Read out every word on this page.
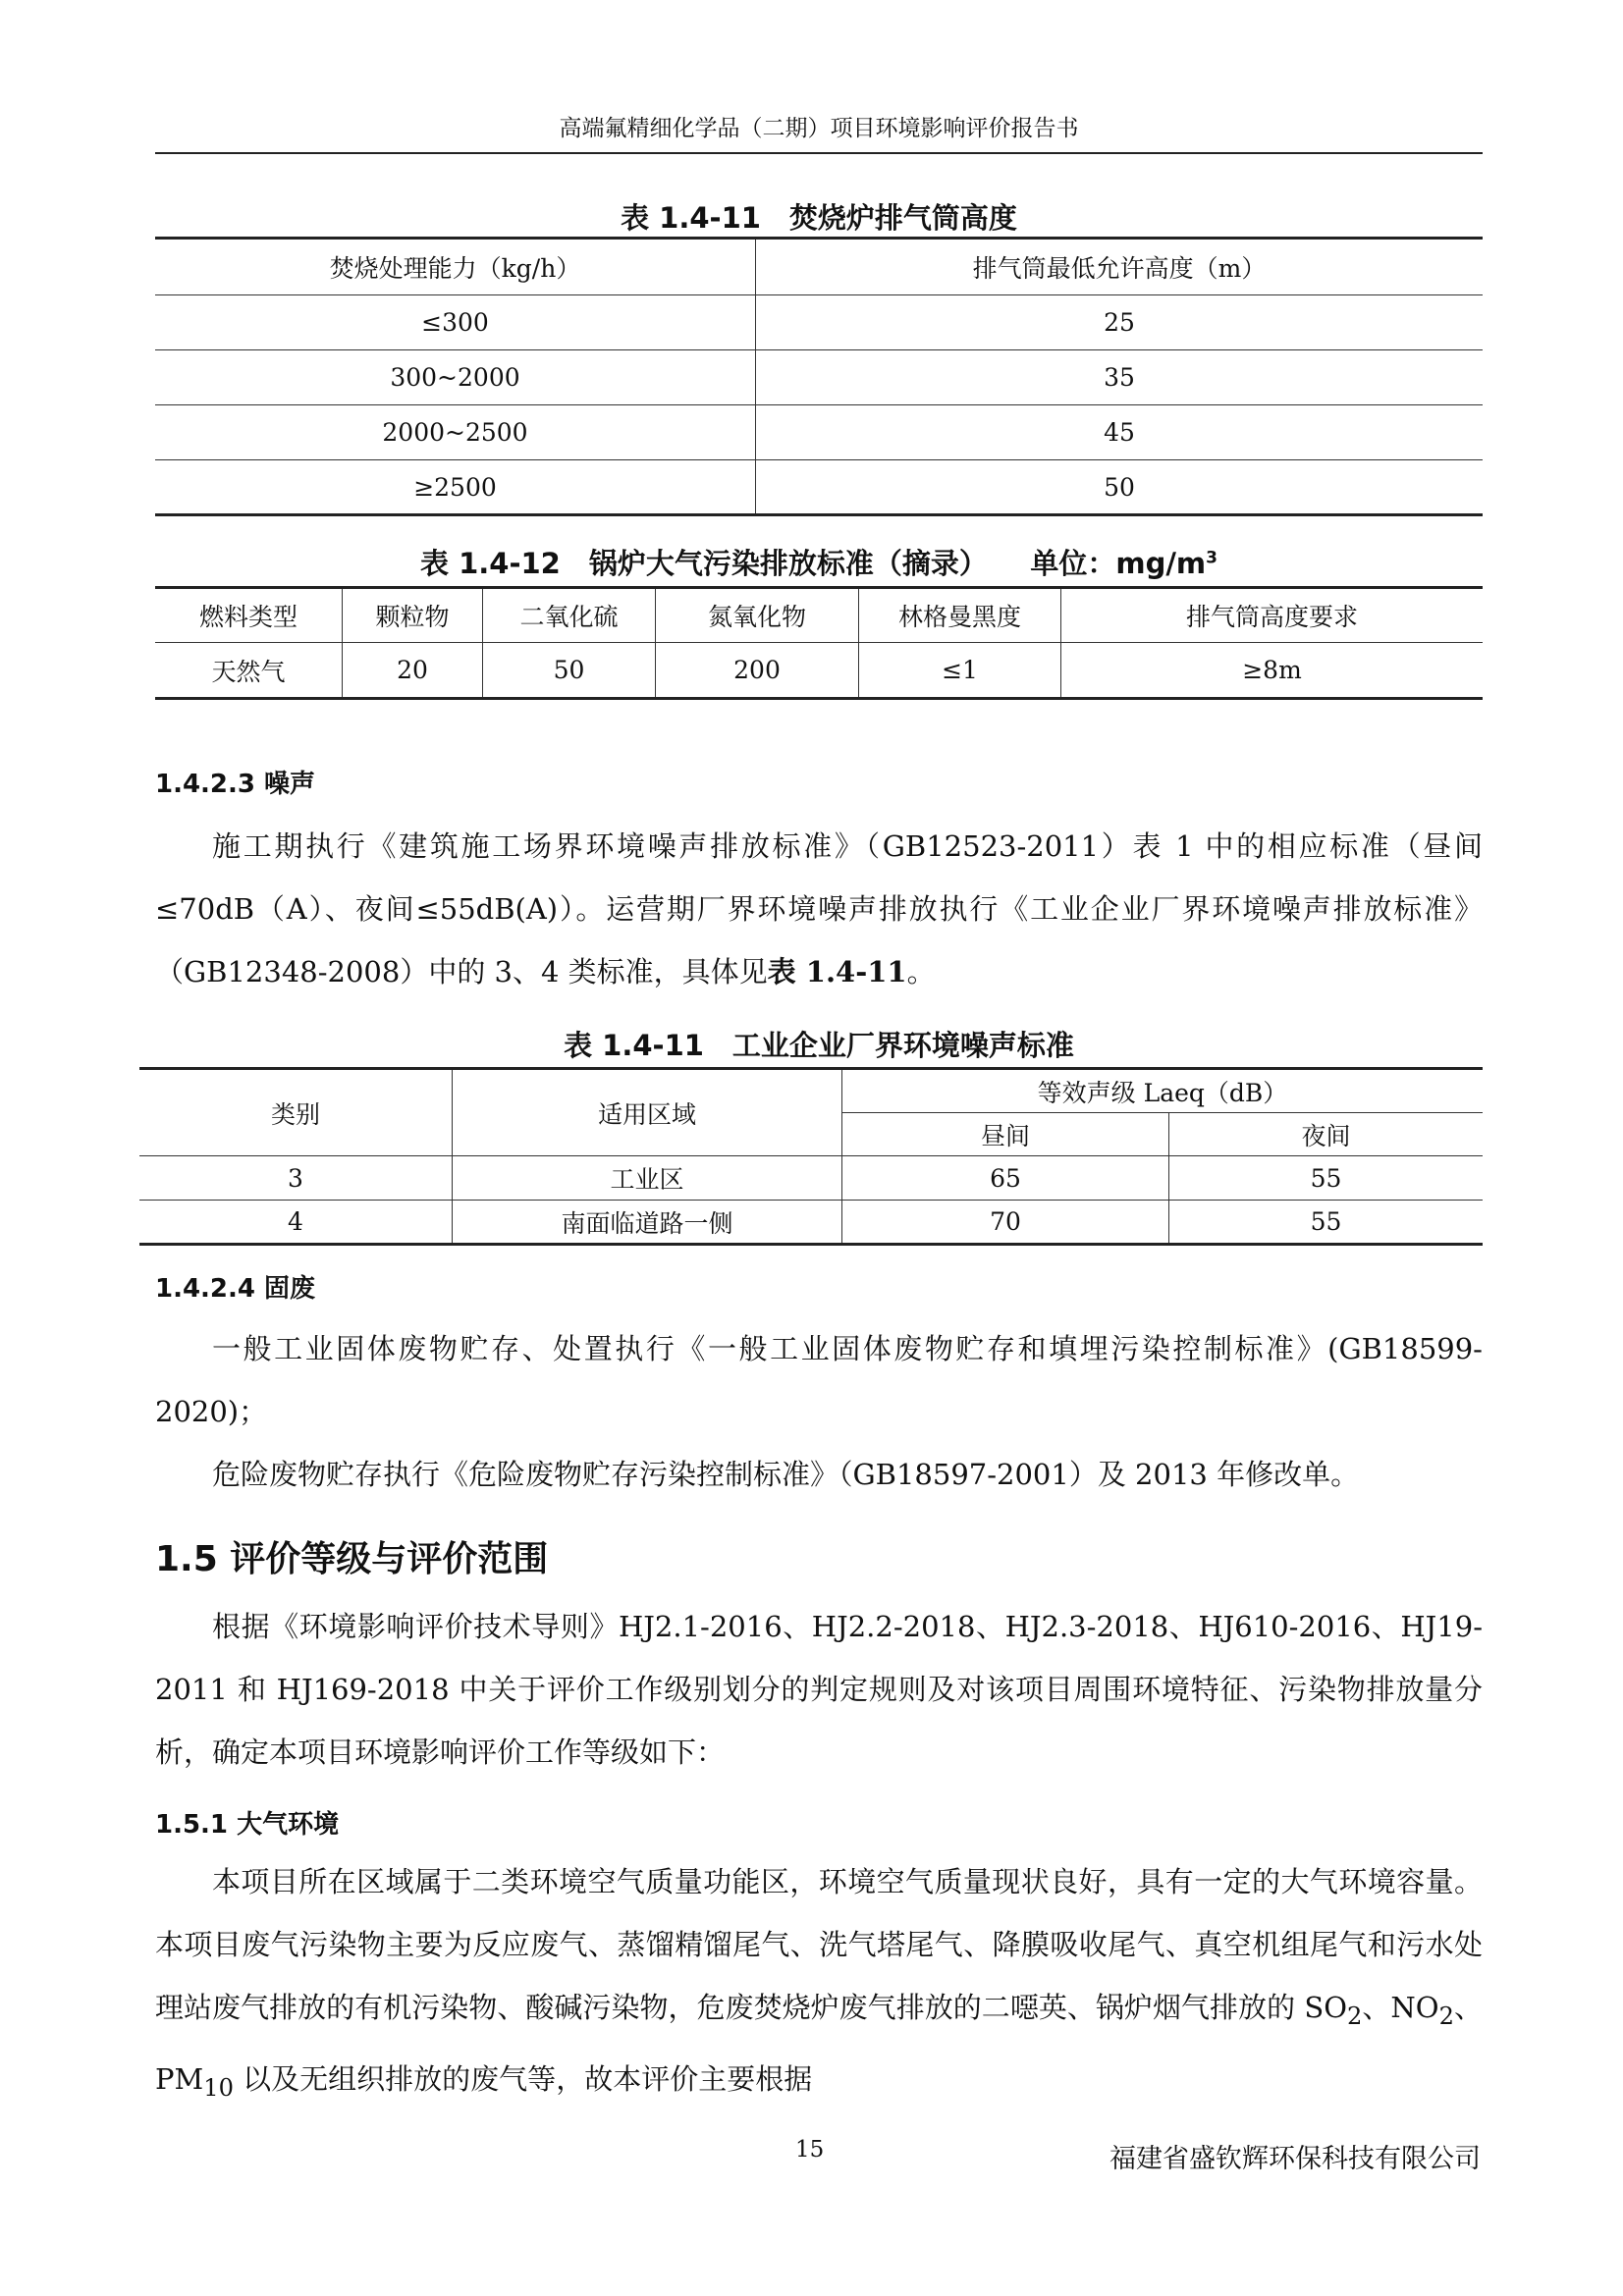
高端氟精细化学品（二期）项目环境影响评价报告书
表 1.4-11　焚烧炉排气筒高度
焚烧处理能力（kg/h）	排气筒最低允许高度（m）
≤300	25
300~2000	35
2000~2500	45
≥2500	50
表 1.4-12　锅炉大气污染排放标准（摘录）　　单位：$mg/m^3$
燃料类型	颗粒物	二氧化硫	氮氧化物	林格曼黑度	排气筒高度要求
天然气	20	50	200	≤1	≥8m
1.4.2.3 噪声
施工期执行《建筑施工场界环境噪声排放标准》（GB12523-2011）表 1 中的相应标准（昼间≤70dB（A）、夜间≤55dB(A)）。运营期厂界环境噪声排放执行《工业企业厂界环境噪声排放标准》（GB12348-2008）中的 3、4 类标准，具体见表 1.4-11。
表 1.4-11　工业企业厂界环境噪声标准
类别	适用区域	等效声级 Laeq（dB）	
		昼间	夜间
3	工业区	65	55
4	南面临道路一侧	70	55
1.4.2.4 固废
一般工业固体废物贮存、处置执行《一般工业固体废物贮存和填埋污染控制标准》(GB18599-2020)；
危险废物贮存执行《危险废物贮存污染控制标准》（GB18597-2001）及 2013 年修改单。
1.5 评价等级与评价范围
根据《环境影响评价技术导则》HJ2.1-2016、HJ2.2-2018、HJ2.3-2018、HJ610-2016、HJ19-2011 和 HJ169-2018 中关于评价工作级别划分的判定规则及对该项目周围环境特征、污染物排放量分析，确定本项目环境影响评价工作等级如下：
1.5.1 大气环境
本项目所在区域属于二类环境空气质量功能区，环境空气质量现状良好，具有一定的大气环境容量。本项目废气污染物主要为反应废气、蒸馏精馏尾气、洗气塔尾气、降膜吸收尾气、真空机组尾气和污水处理站废气排放的有机污染物、酸碱污染物，危废焚烧炉废气排放的二噁英、锅炉烟气排放的 $SO_2$、$NO_2$、$PM_{10}$ 以及无组织排放的废气等，故本评价主要根据
15	福建省盛钦辉环保科技有限公司
